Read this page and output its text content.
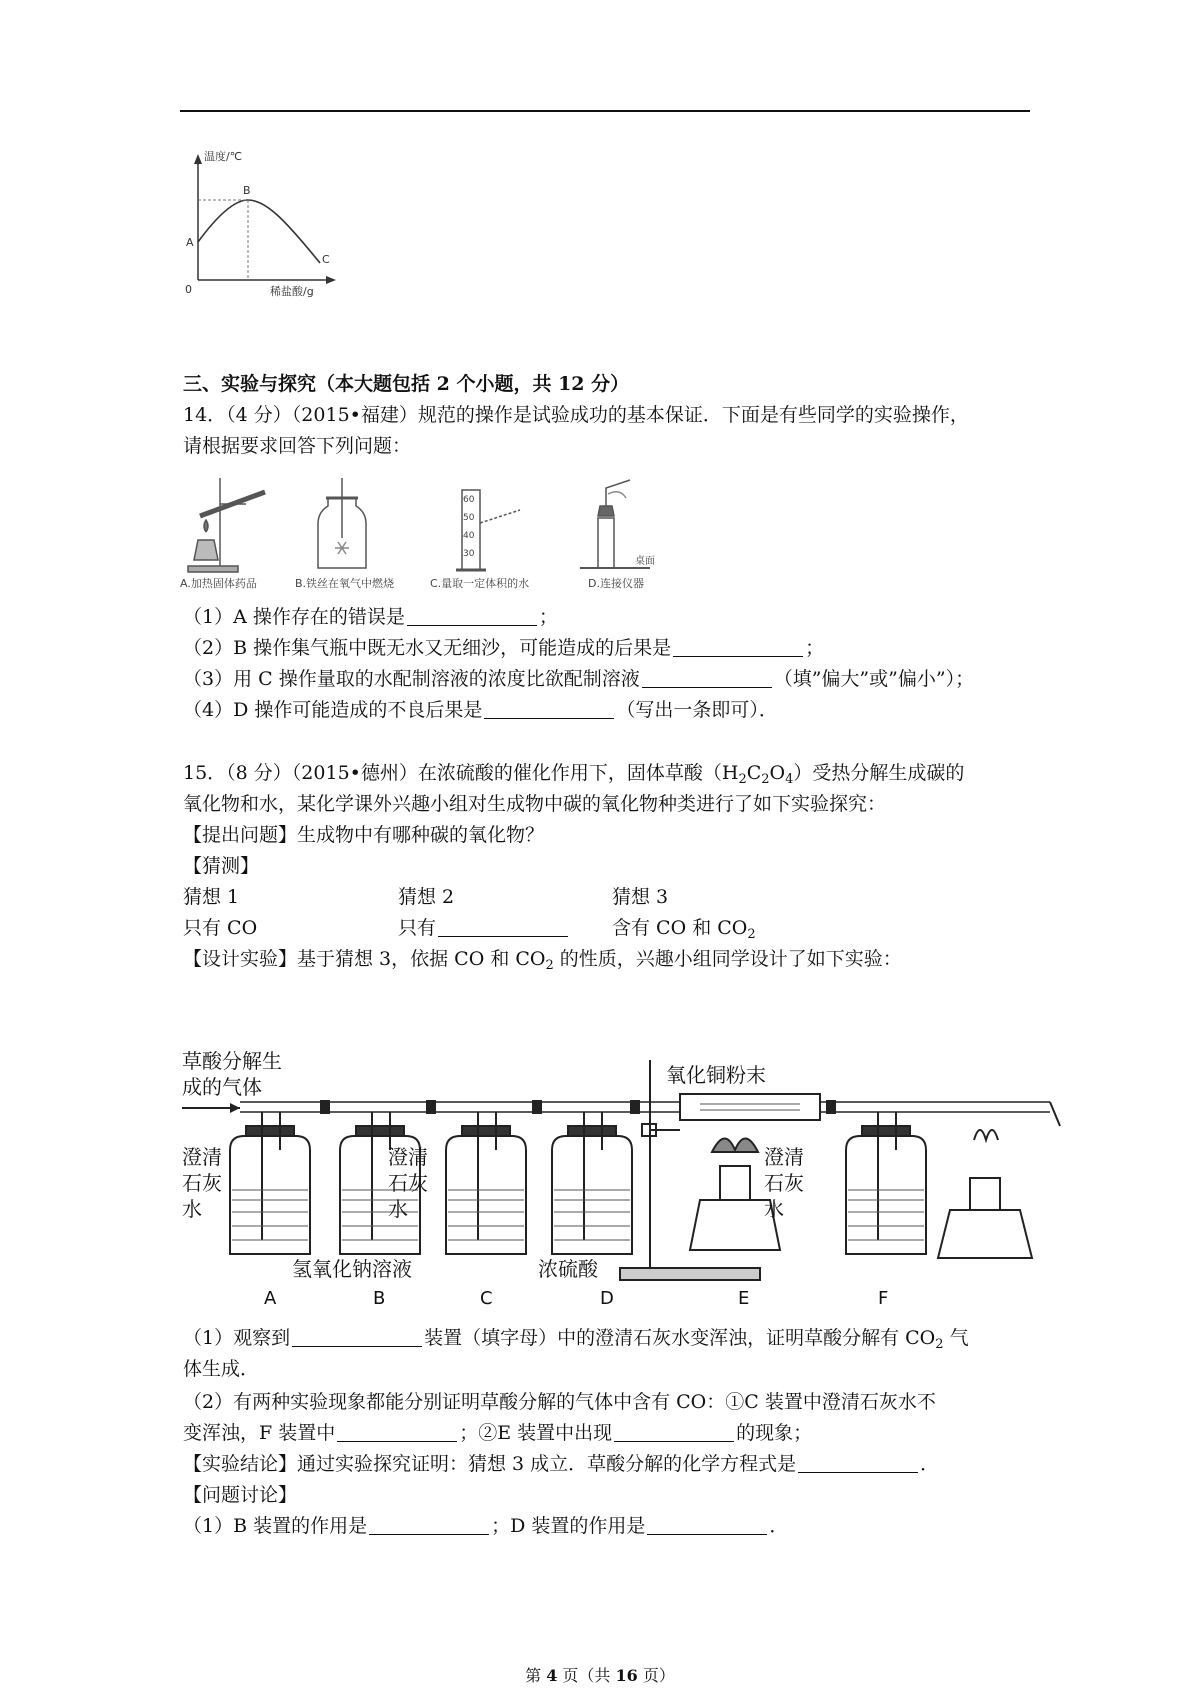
温度/℃
A
B
C
0	稀盐酸/g
三、实验与探究（本大题包括 2 个小题，共 12 分）
14．（4 分）（2015•福建）规范的操作是试验成功的基本保证．下面是有些同学的实验操作，
请根据要求回答下列问题：
A.加热固体药品	B.铁丝在氧气中燃烧
60
50
40
30
C.量取一定体积的水
桌面
D.连接仪器
（1）A 操作存在的错误是	；
（2）B 操作集气瓶中既无水又无细沙，可能造成的后果是	；
（3）用 C 操作量取的水配制溶液的浓度比欲配制溶液	（填”偏大”或”偏小”）；
（4）D 操作可能造成的不良后果是	（写出一条即可）．
15．（8 分）（2015•德州）在浓硫酸的催化作用下，固体草酸$(H_2C_2O_4)$受热分解生成碳的
氧化物和水，某化学课外兴趣小组对生成物中碳的氧化物种类进行了如下实验探究：
【提出问题】生成物中有哪种碳的氧化物？
【猜测】
猜想 1	猜想 2	猜想 3
只有 CO	只有	含有 CO 和 $CO_2$
【设计实验】基于猜想 3，依据 CO 和 $CO_2$ 的性质，兴趣小组同学设计了如下实验：
草酸分解生
成的气体	氧化铜粉末
澄清
石灰
水
澄清
石灰
水
澄清
石灰
水
氢氧化钠溶液	浓硫酸
A	B	C	D	E	F
（1）观察到	装置（填字母）中的澄清石灰水变浑浊，证明草酸分解有 $CO_2$ 气
体生成．
（2）有两种实验现象都能分别证明草酸分解的气体中含有 CO：①C 装置中澄清石灰水不
变浑浊，F 装置中	；②E 装置中出现	的现象；
【实验结论】通过实验探究证明：猜想 3 成立．草酸分解的化学方程式是	．
【问题讨论】
（1）B 装置的作用是	；D 装置的作用是	．
第 4 页（共 16 页）
